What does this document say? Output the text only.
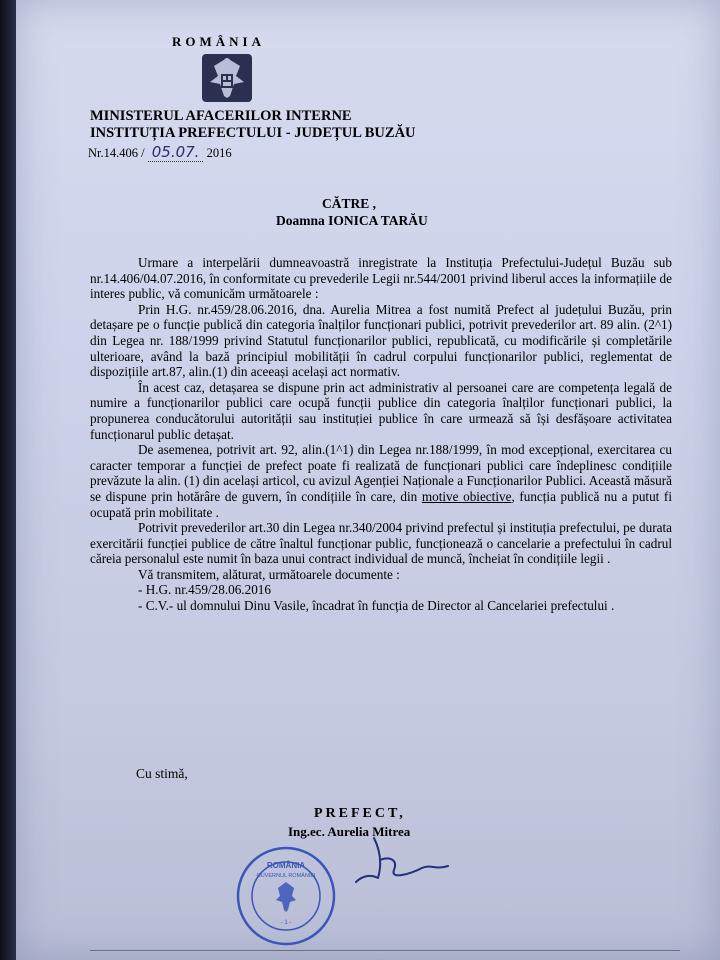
ROMÂNIA
MINISTERUL AFACERILOR INTERNE
INSTITUȚIA PREFECTULUI - JUDEȚUL BUZĂU
Nr.14.406 / 05.07. 2016
CĂTRE ,
Doamna IONICA TARĂU

Urmare a interpelării dumneavoastră inregistrate la Instituția Prefectului-Județul Buzău sub nr.14.406/04.07.2016, în conformitate cu prevederile Legii nr.544/2001 privind liberul acces la informațiile de interes public, vă comunicăm următoarele :

Prin H.G. nr.459/28.06.2016, dna. Aurelia Mitrea a fost numită Prefect al județului Buzău, prin detașare pe o funcție publică din categoria înalților funcționari publici, potrivit prevederilor art. 89 alin. (2^1) din Legea nr. 188/1999 privind Statutul funcționarilor publici, republicată, cu modificările și completările ulterioare, având la bază principiul mobilității în cadrul corpului funcționarilor publici, reglementat de dispozițiile art.87, alin.(1) din aceeași același act normativ.

În acest caz, detașarea se dispune prin act administrativ al persoanei care are competența legală de numire a funcționarilor publici care ocupă funcții publice din categoria înalților funcționari publici, la propunerea conducătorului autorității sau instituției publice în care urmează să își desfășoare activitatea funcționarul public detașat.

De asemenea, potrivit art. 92, alin.(1^1) din Legea nr.188/1999, în mod excepțional, exercitarea cu caracter temporar a funcției de prefect poate fi realizată de funcționari publici care îndeplinesc condițiile prevăzute la alin. (1) din același articol, cu avizul Agenției Naționale a Funcționarilor Publici. Această măsură se dispune prin hotărâre de guvern, în condițiile în care, din motive obiective, funcția publică nu a putut fi ocupată prin mobilitate .

Potrivit prevederilor art.30 din Legea nr.340/2004 privind prefectul și instituția prefectului, pe durata exercitării funcției publice de către înaltul funcționar public, funcționează o cancelarie a prefectului în cadrul căreia personalul este numit în baza unui contract individual de muncă, încheiat în condițiile legii .

Vă transmitem, alăturat, următoarele documente :

- H.G. nr.459/28.06.2016

- C.V.- ul domnului Dinu Vasile, încadrat în funcția de Director al Cancelariei prefectului .

Cu stimă,
PREFECT,
Ing.ec. Aurelia Mitrea
ROMÂNIA
GUVERNUL ROMÂNIEI
- 1 -
